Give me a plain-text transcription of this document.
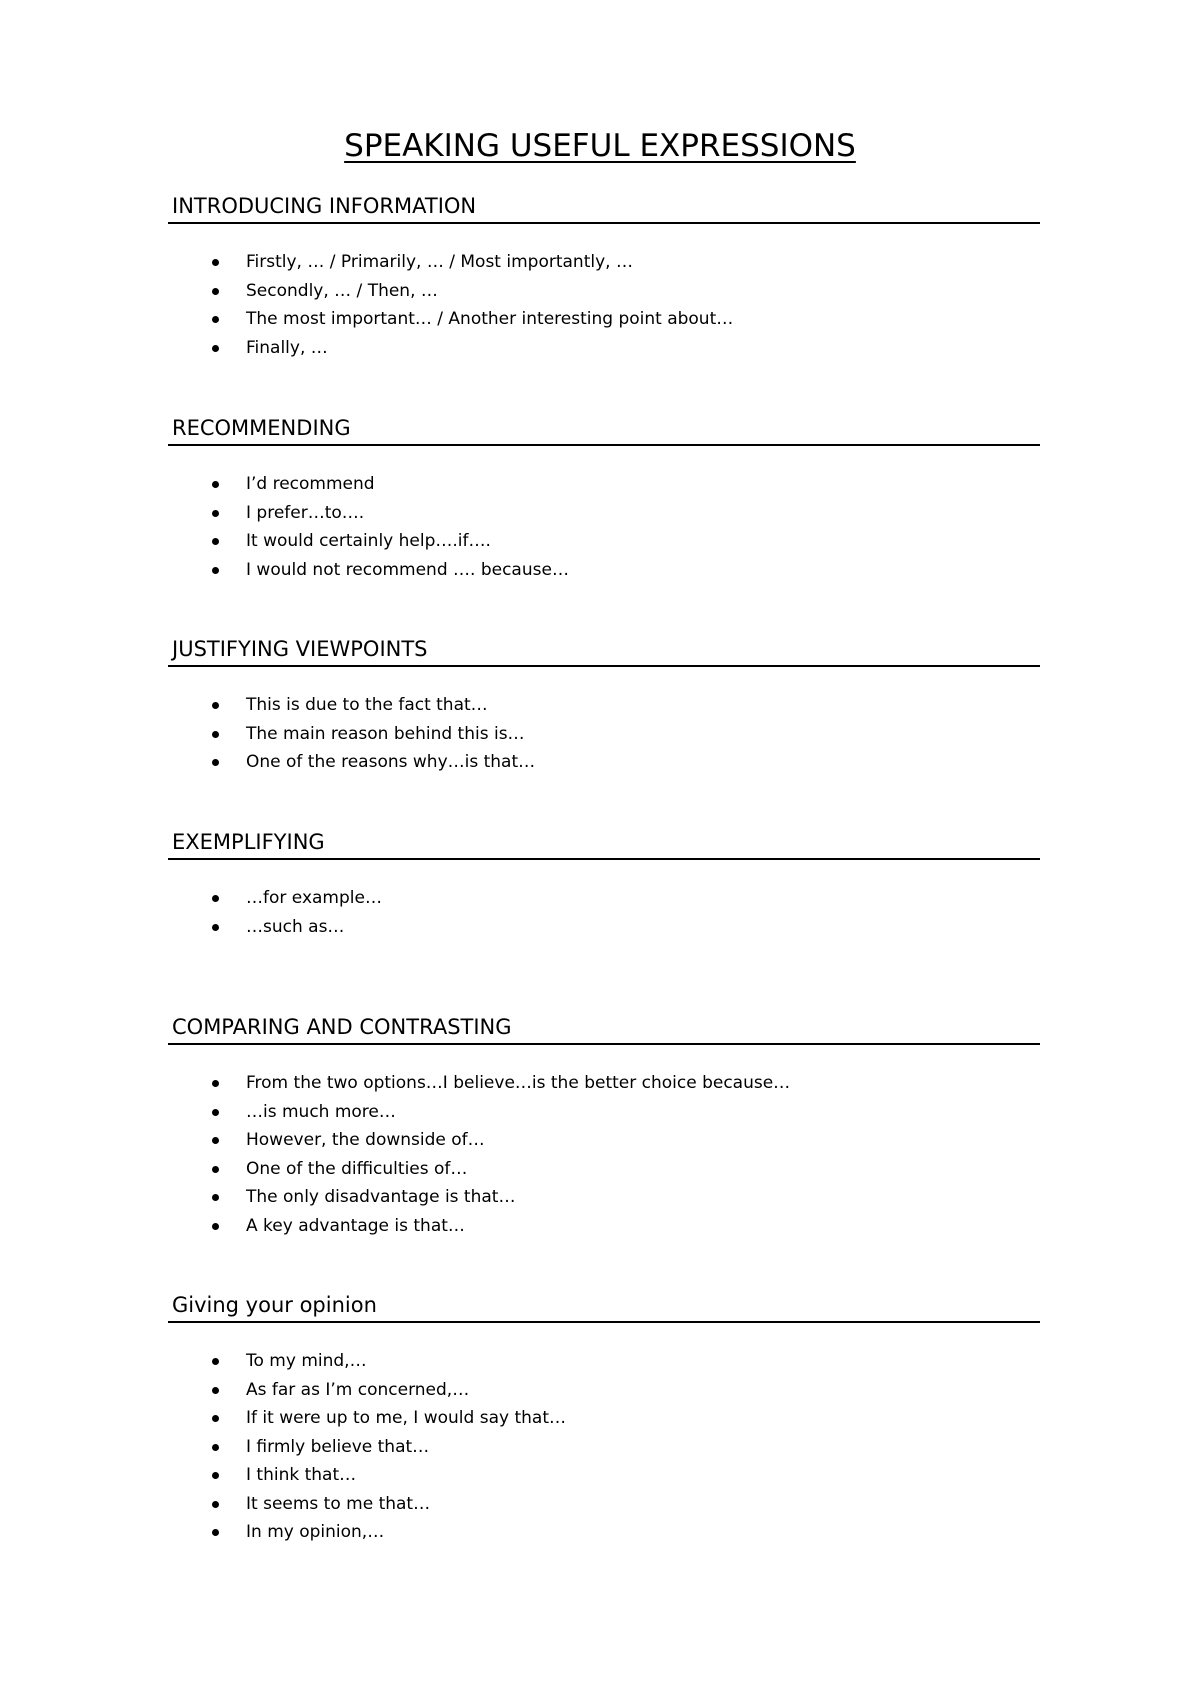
SPEAKING USEFUL EXPRESSIONS
INTRODUCING INFORMATION
Firstly, … / Primarily, … / Most importantly, …
Secondly, … / Then, …
The most important… / Another interesting point about…
Finally, …
RECOMMENDING
I’d recommend
I prefer…to….
It would certainly help….if….
I would not recommend …. because…
JUSTIFYING VIEWPOINTS
This is due to the fact that…
The main reason behind this is…
One of the reasons why…is that…
EXEMPLIFYING
…for example…
…such as…
COMPARING AND CONTRASTING
From the two options…I believe…is the better choice because…
…is much more…
However, the downside of…
One of the difficulties of…
The only disadvantage is that…
A key advantage is that…
Giving your opinion
To my mind,…
As far as I’m concerned,…
If it were up to me, I would say that…
I firmly believe that…
I think that…
It seems to me that…
In my opinion,…
